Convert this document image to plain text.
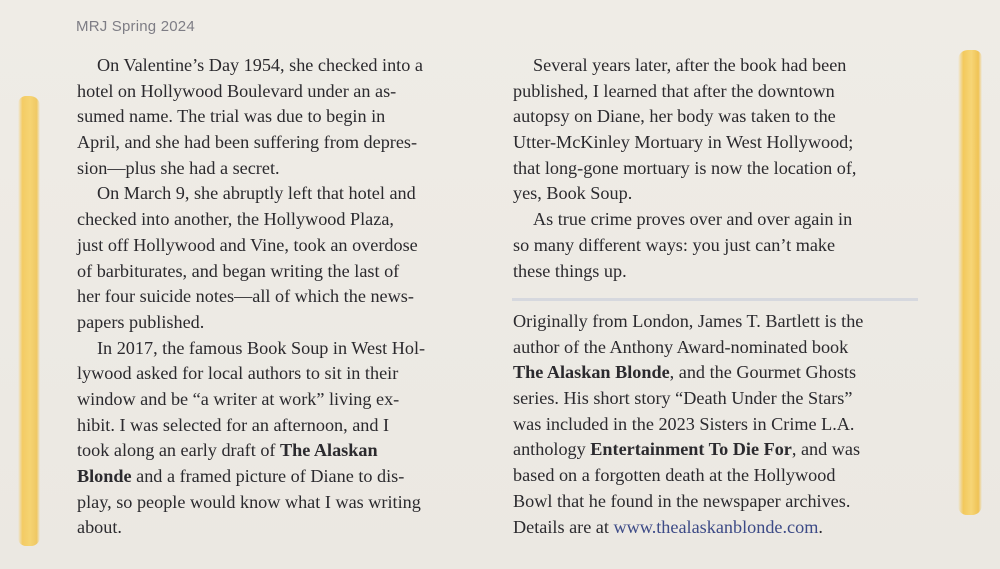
MRJ Spring 2024
On Valentine’s Day 1954, she checked into a
hotel on Hollywood Boulevard under an as-
sumed name. The trial was due to begin in
April, and she had been suffering from depres-
sion—plus she had a secret.
On March 9, she abruptly left that hotel and
checked into another, the Hollywood Plaza,
just off Hollywood and Vine, took an overdose
of barbiturates, and began writing the last of
her four suicide notes—all of which the news-
papers published.
In 2017, the famous Book Soup in West Hol-
lywood asked for local authors to sit in their
window and be “a writer at work” living ex-
hibit. I was selected for an afternoon, and I
took along an early draft of The Alaskan
Blonde and a framed picture of Diane to dis-
play, so people would know what I was writing
about.
Several years later, after the book had been
published, I learned that after the downtown
autopsy on Diane, her body was taken to the
Utter-McKinley Mortuary in West Hollywood;
that long-gone mortuary is now the location of,
yes, Book Soup.
As true crime proves over and over again in
so many different ways: you just can’t make
these things up.
Originally from London, James T. Bartlett is the
author of the Anthony Award-nominated book
The Alaskan Blonde, and the Gourmet Ghosts
series. His short story “Death Under the Stars”
was included in the 2023 Sisters in Crime L.A.
anthology Entertainment To Die For, and was
based on a forgotten death at the Hollywood
Bowl that he found in the newspaper archives.
Details are at www.thealaskanblonde.com.
